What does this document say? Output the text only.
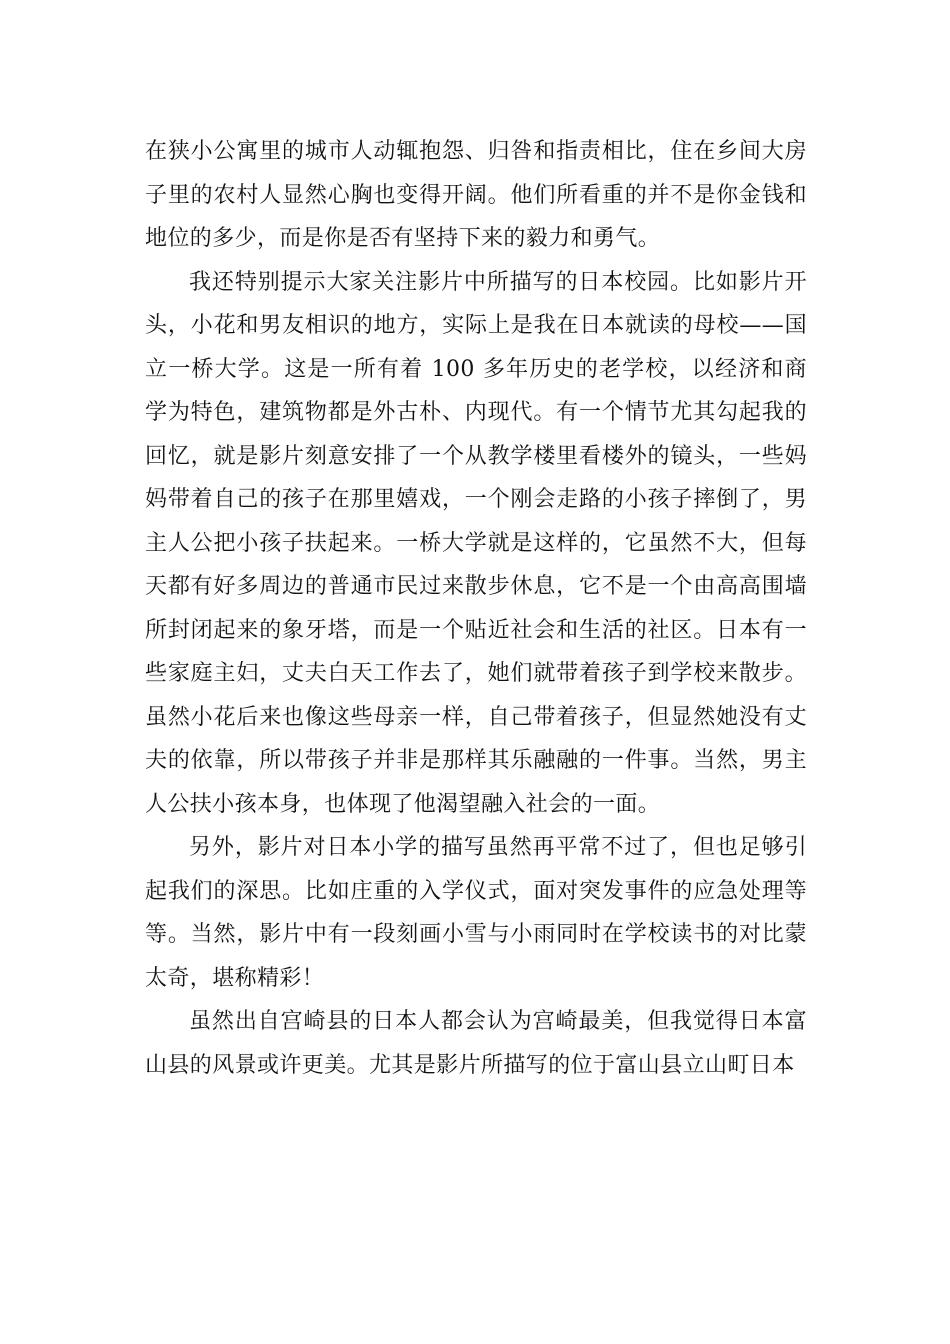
在狭小公寓里的城市人动辄抱怨、归咎和指责相比，住在乡间大房子里的农村人显然心胸也变得开阔。他们所看重的并不是你金钱和地位的多少，而是你是否有坚持下来的毅力和勇气。

我还特别提示大家关注影片中所描写的日本校园。比如影片开头，小花和男友相识的地方，实际上是我在日本就读的母校——国立一桥大学。这是一所有着 100 多年历史的老学校，以经济和商学为特色，建筑物都是外古朴、内现代。有一个情节尤其勾起我的回忆，就是影片刻意安排了一个从教学楼里看楼外的镜头，一些妈妈带着自己的孩子在那里嬉戏，一个刚会走路的小孩子摔倒了，男主人公把小孩子扶起来。一桥大学就是这样的，它虽然不大，但每天都有好多周边的普通市民过来散步休息，它不是一个由高高围墙所封闭起来的象牙塔，而是一个贴近社会和生活的社区。日本有一些家庭主妇，丈夫白天工作去了，她们就带着孩子到学校来散步。虽然小花后来也像这些母亲一样，自己带着孩子，但显然她没有丈夫的依靠，所以带孩子并非是那样其乐融融的一件事。当然，男主人公扶小孩本身，也体现了他渴望融入社会的一面。

另外，影片对日本小学的描写虽然再平常不过了，但也足够引起我们的深思。比如庄重的入学仪式，面对突发事件的应急处理等等。当然，影片中有一段刻画小雪与小雨同时在学校读书的对比蒙太奇，堪称精彩！

虽然出自宫崎县的日本人都会认为宫崎最美，但我觉得日本富山县的风景或许更美。尤其是影片所描写的位于富山县立山町日本
